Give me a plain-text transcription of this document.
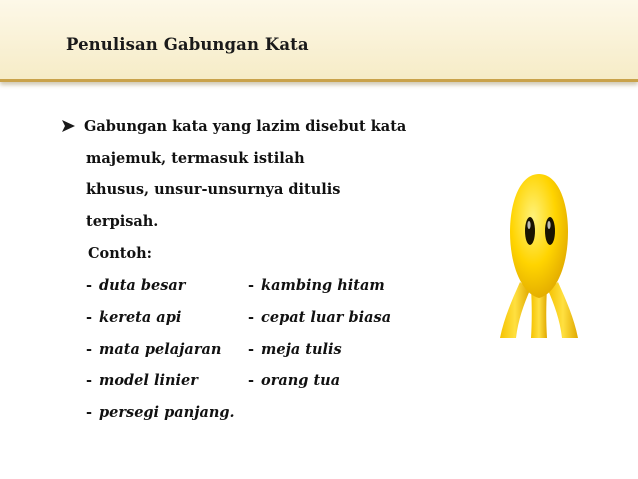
Penulisan Gabungan Kata
Gabungan kata yang lazim disebut kata
majemuk, termasuk istilah
khusus, unsur-unsurnya ditulis
terpisah.
Contoh:
- duta besar
- kereta api
- mata pelajaran
- model linier
- persegi panjang.
- kambing hitam
- cepat luar biasa
- meja tulis
- orang tua
